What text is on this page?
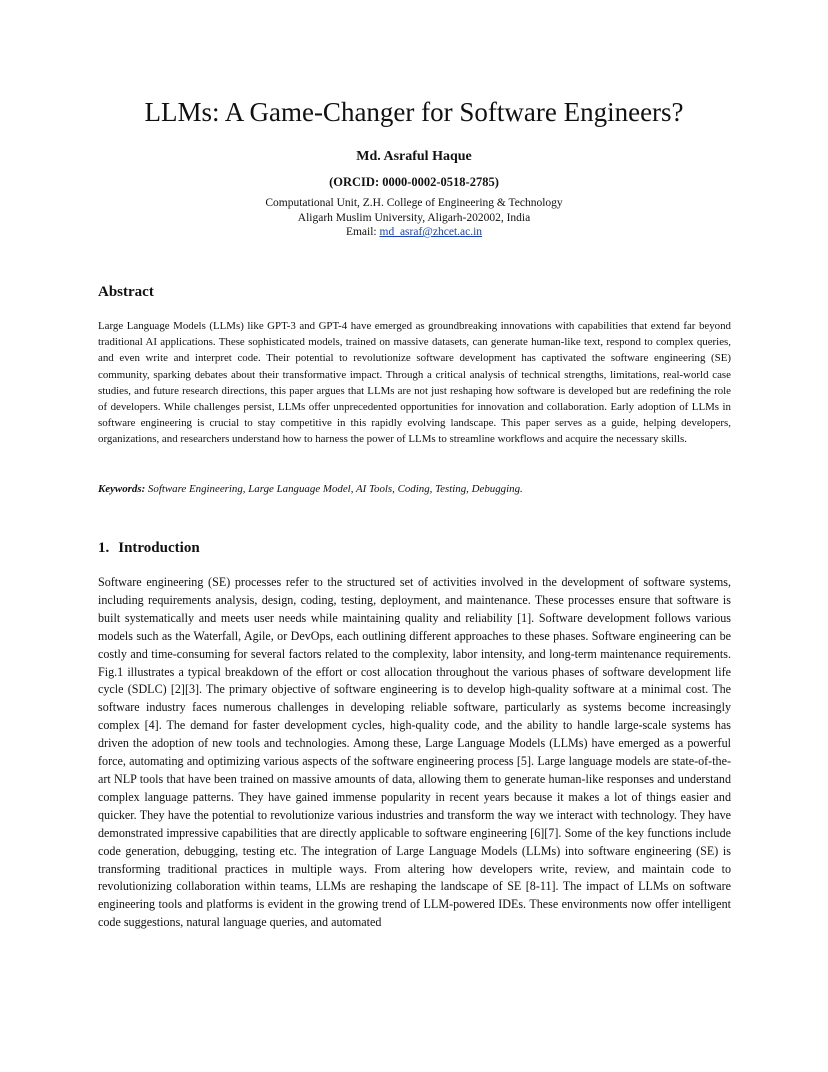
LLMs: A Game-Changer for Software Engineers?
Md. Asraful Haque
(ORCID: 0000-0002-0518-2785)
Computational Unit, Z.H. College of Engineering & Technology
Aligarh Muslim University, Aligarh-202002, India
Email: md_asraf@zhcet.ac.in
Abstract

Large Language Models (LLMs) like GPT-3 and GPT-4 have emerged as groundbreaking innovations with capabilities that extend far beyond traditional AI applications. These sophisticated models, trained on massive datasets, can generate human-like text, respond to complex queries, and even write and interpret code. Their potential to revolutionize software development has captivated the software engineering (SE) community, sparking debates about their transformative impact. Through a critical analysis of technical strengths, limitations, real-world case studies, and future research directions, this paper argues that LLMs are not just reshaping how software is developed but are redefining the role of developers. While challenges persist, LLMs offer unprecedented opportunities for innovation and collaboration. Early adoption of LLMs in software engineering is crucial to stay competitive in this rapidly evolving landscape. This paper serves as a guide, helping developers, organizations, and researchers understand how to harness the power of LLMs to streamline workflows and acquire the necessary skills.

Keywords: Software Engineering, Large Language Model, AI Tools, Coding, Testing, Debugging.

1. Introduction

Software engineering (SE) processes refer to the structured set of activities involved in the development of software systems, including requirements analysis, design, coding, testing, deployment, and maintenance. These processes ensure that software is built systematically and meets user needs while maintaining quality and reliability [1]. Software development follows various models such as the Waterfall, Agile, or DevOps, each outlining different approaches to these phases. Software engineering can be costly and time-consuming for several factors related to the complexity, labor intensity, and long-term maintenance requirements. Fig.1 illustrates a typical breakdown of the effort or cost allocation throughout the various phases of software development life cycle (SDLC) [2][3]. The primary objective of software engineering is to develop high-quality software at a minimal cost. The software industry faces numerous challenges in developing reliable software, particularly as systems become increasingly complex [4]. The demand for faster development cycles, high-quality code, and the ability to handle large-scale systems has driven the adoption of new tools and technologies. Among these, Large Language Models (LLMs) have emerged as a powerful force, automating and optimizing various aspects of the software engineering process [5]. Large language models are state-of-the-art NLP tools that have been trained on massive amounts of data, allowing them to generate human-like responses and understand complex language patterns. They have gained immense popularity in recent years because it makes a lot of things easier and quicker. They have the potential to revolutionize various industries and transform the way we interact with technology. They have demonstrated impressive capabilities that are directly applicable to software engineering [6][7]. Some of the key functions include code generation, debugging, testing etc. The integration of Large Language Models (LLMs) into software engineering (SE) is transforming traditional practices in multiple ways. From altering how developers write, review, and maintain code to revolutionizing collaboration within teams, LLMs are reshaping the landscape of SE [8-11]. The impact of LLMs on software engineering tools and platforms is evident in the growing trend of LLM-powered IDEs. These environments now offer intelligent code suggestions, natural language queries, and automated
